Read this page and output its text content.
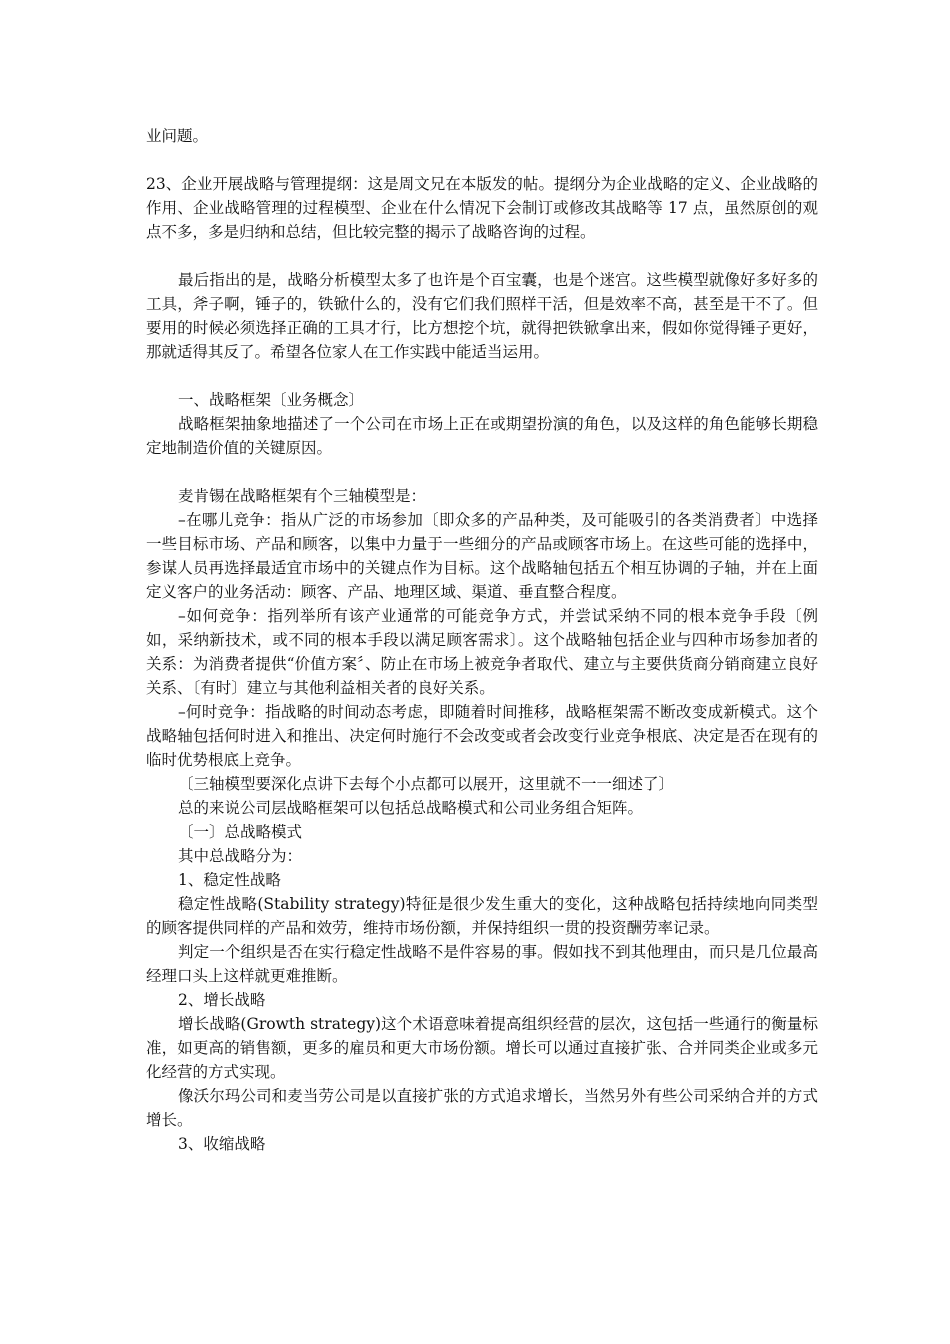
业问题。

23、企业开展战略与管理提纲：这是周文兄在本版发的帖。提纲分为企业战略的定义、企业战略的作用、企业战略管理的过程模型、企业在什么情况下会制订或修改其战略等 17 点，虽然原创的观点不多，多是归纳和总结，但比较完整的揭示了战略咨询的过程。

最后指出的是，战略分析模型太多了也许是个百宝囊，也是个迷宫。这些模型就像好多好多的工具，斧子啊，锤子的，铁锨什么的，没有它们我们照样干活，但是效率不高，甚至是干不了。但要用的时候必须选择正确的工具才行，比方想挖个坑，就得把铁锨拿出来，假如你觉得锤子更好，那就适得其反了。希望各位家人在工作实践中能适当运用。

一、战略框架〔业务概念〕

战略框架抽象地描述了一个公司在市场上正在或期望扮演的角色，以及这样的角色能够长期稳定地制造价值的关键原因。

麦肯锡在战略框架有个三轴模型是：

–在哪儿竞争：指从广泛的市场参加〔即众多的产品种类，及可能吸引的各类消费者〕中选择一些目标市场、产品和顾客，以集中力量于一些细分的产品或顾客市场上。在这些可能的选择中，参谋人员再选择最适宜市场中的关键点作为目标。这个战略轴包括五个相互协调的子轴，并在上面定义客户的业务活动：顾客、产品、地理区域、渠道、垂直整合程度。

–如何竞争：指列举所有该产业通常的可能竞争方式，并尝试采纳不同的根本竞争手段〔例如，采纳新技术，或不同的根本手段以满足顾客需求〕。这个战略轴包括企业与四种市场参加者的关系：为消费者提供“价值方案〞、防止在市场上被竞争者取代、建立与主要供货商分销商建立良好关系、〔有时〕建立与其他利益相关者的良好关系。

–何时竞争：指战略的时间动态考虑，即随着时间推移，战略框架需不断改变成新模式。这个战略轴包括何时进入和推出、决定何时施行不会改变或者会改变行业竞争根底、决定是否在现有的临时优势根底上竞争。

〔三轴模型要深化点讲下去每个小点都可以展开，这里就不一一细述了〕

总的来说公司层战略框架可以包括总战略模式和公司业务组合矩阵。

〔一〕总战略模式

其中总战略分为：

1、稳定性战略

稳定性战略(Stability strategy)特征是很少发生重大的变化，这种战略包括持续地向同类型的顾客提供同样的产品和效劳，维持市场份额，并保持组织一贯的投资酬劳率记录。

判定一个组织是否在实行稳定性战略不是件容易的事。假如找不到其他理由，而只是几位最高经理口头上这样就更难推断。

2、增长战略

增长战略(Growth strategy)这个术语意味着提高组织经营的层次，这包括一些通行的衡量标准，如更高的销售额，更多的雇员和更大市场份额。增长可以通过直接扩张、合并同类企业或多元化经营的方式实现。

像沃尔玛公司和麦当劳公司是以直接扩张的方式追求增长，当然另外有些公司采纳合并的方式增长。

3、收缩战略
